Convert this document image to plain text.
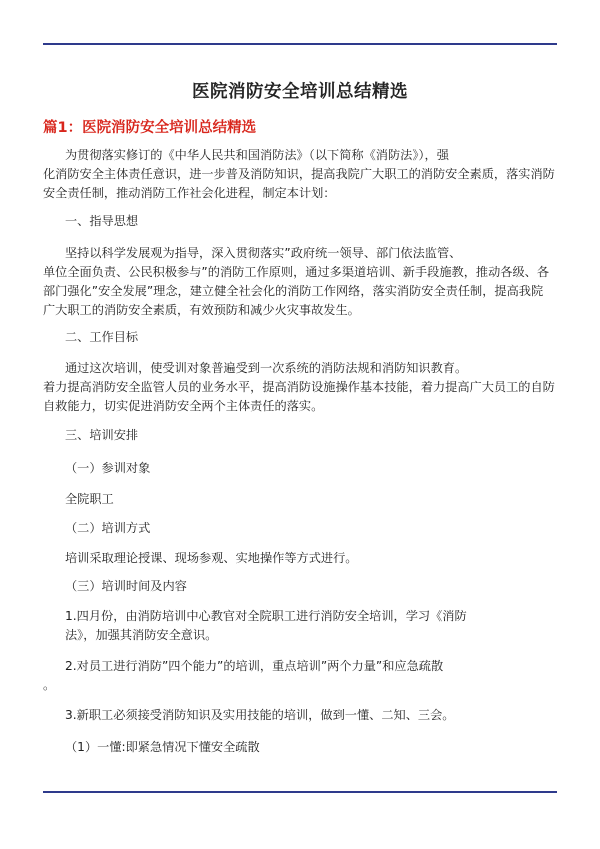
医院消防安全培训总结精选
篇1：医院消防安全培训总结精选
为贯彻落实修订的《中华人民共和国消防法》（以下简称《消防法》），强
化消防安全主体责任意识，进一步普及消防知识，提高我院广大职工的消防安全素质，落实消防
安全责任制，推动消防工作社会化进程，制定本计划：
一、指导思想
坚持以科学发展观为指导，深入贯彻落实”政府统一领导、部门依法监管、
单位全面负责、公民积极参与”的消防工作原则，通过多渠道培训、新手段施教，推动各级、各
部门强化”安全发展”理念，建立健全社会化的消防工作网络，落实消防安全责任制，提高我院
广大职工的消防安全素质，有效预防和减少火灾事故发生。
二、工作目标
通过这次培训，使受训对象普遍受到一次系统的消防法规和消防知识教育。
着力提高消防安全监管人员的业务水平，提高消防设施操作基本技能，着力提高广大员工的自防
自救能力，切实促进消防安全两个主体责任的落实。
三、培训安排
（一）参训对象
全院职工
（二）培训方式
培训采取理论授课、现场参观、实地操作等方式进行。
（三）培训时间及内容
1.四月份，由消防培训中心教官对全院职工进行消防安全培训，学习《消防
法》，加强其消防安全意识。
2.对员工进行消防”四个能力”的培训，重点培训”两个力量”和应急疏散
。
3.新职工必须接受消防知识及实用技能的培训，做到一懂、二知、三会。
（1）一懂:即紧急情况下懂安全疏散
